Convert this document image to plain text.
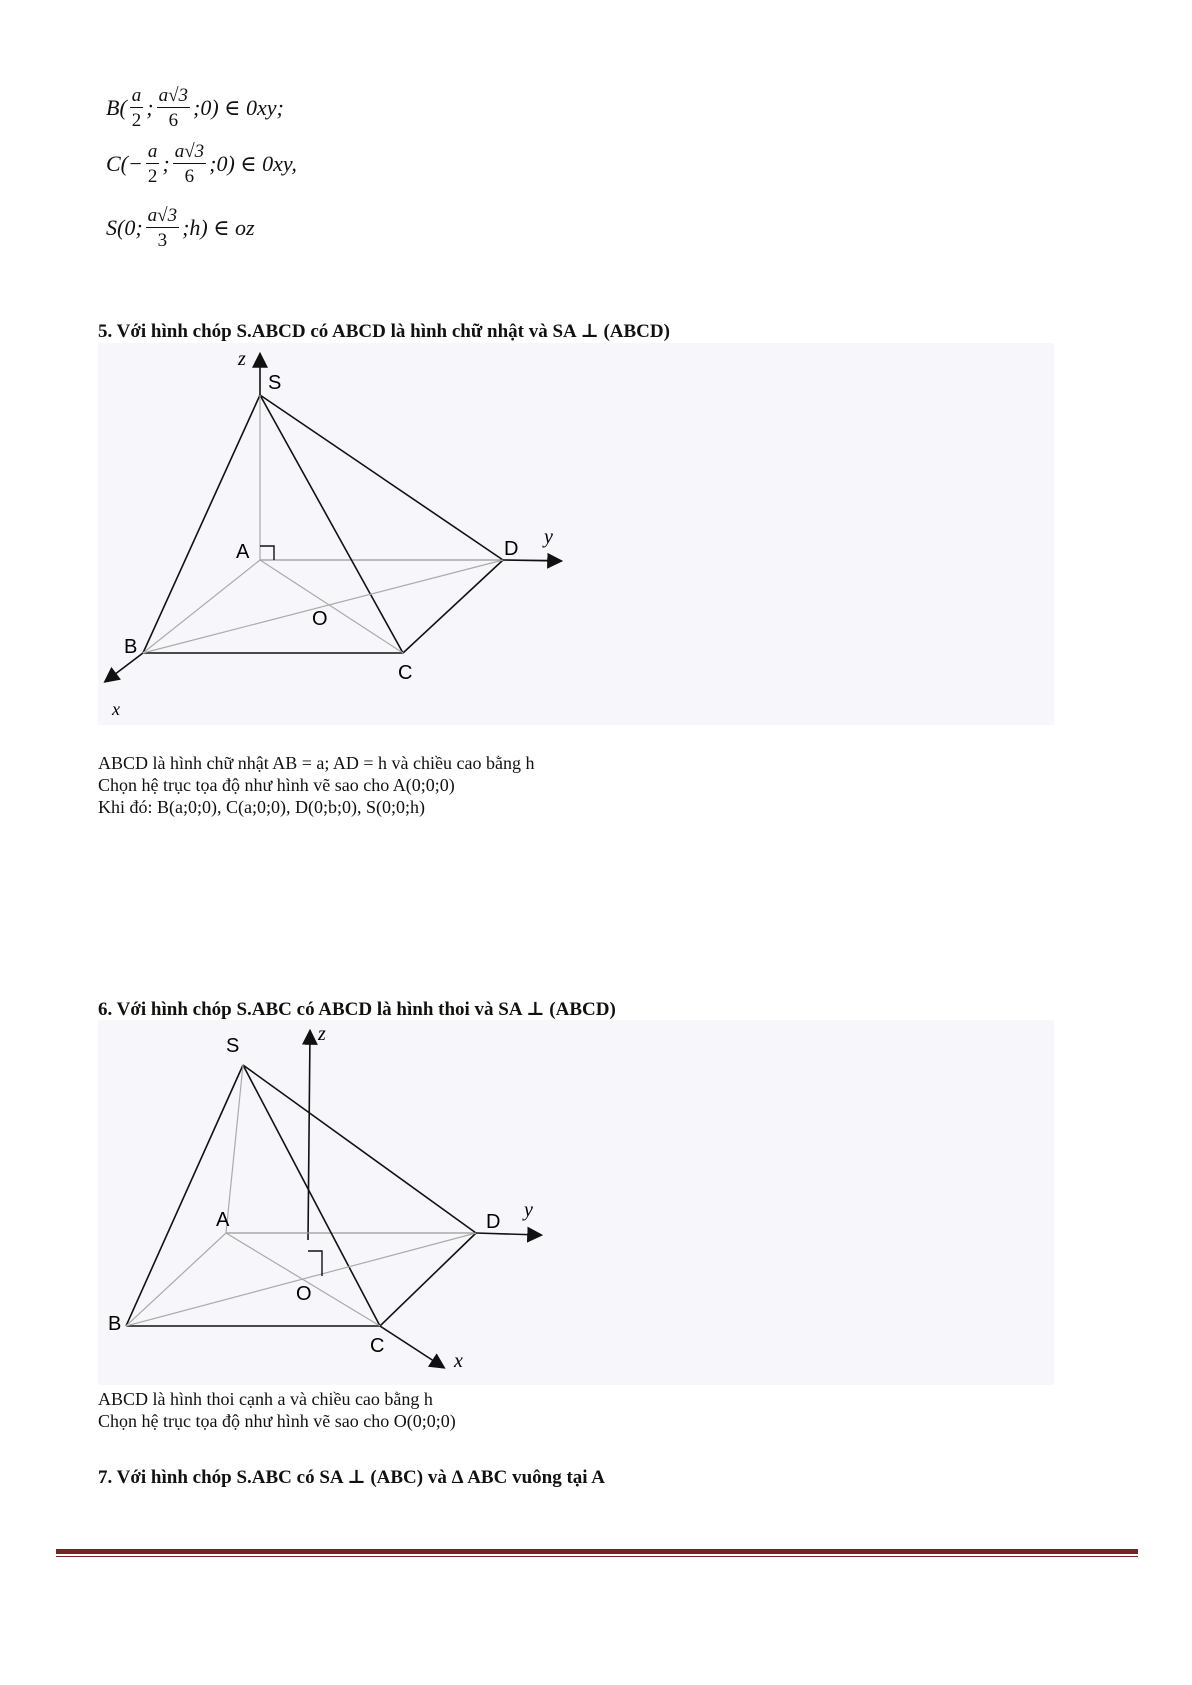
$B( \frac{a}{2}$ ; $\frac{a√3}{6}$ ;0) ∈ 0xy;
$C(- \frac{a}{2}$ ; $\frac{a√3}{6}$ ;0) ∈ 0xy,
S(0; $\frac{a√3}{3}$ ;h) ∈ oz
5. Với hình chóp S.ABCD có ABCD là hình chữ nhật và SA ⊥ (ABCD)
z
S
A	D
y
O
B
C
x
ABCD là hình chữ nhật AB = a; AD = h và chiều cao bằng h
Chọn hệ trục tọa độ như hình vẽ sao cho A(0;0;0)
Khi đó: B(a;0;0), C(a;0;0), D(0;b;0), S(0;0;h)
6. Với hình chóp S.ABC có ABCD là hình thoi và SA ⊥ (ABCD)
S
z
A	D
y
O
B
C
x
ABCD là hình thoi cạnh a và chiều cao bằng h
Chọn hệ trục tọa độ như hình vẽ sao cho O(0;0;0)
7. Với hình chóp S.ABC có SA ⊥ (ABC) và Δ ABC vuông tại A
